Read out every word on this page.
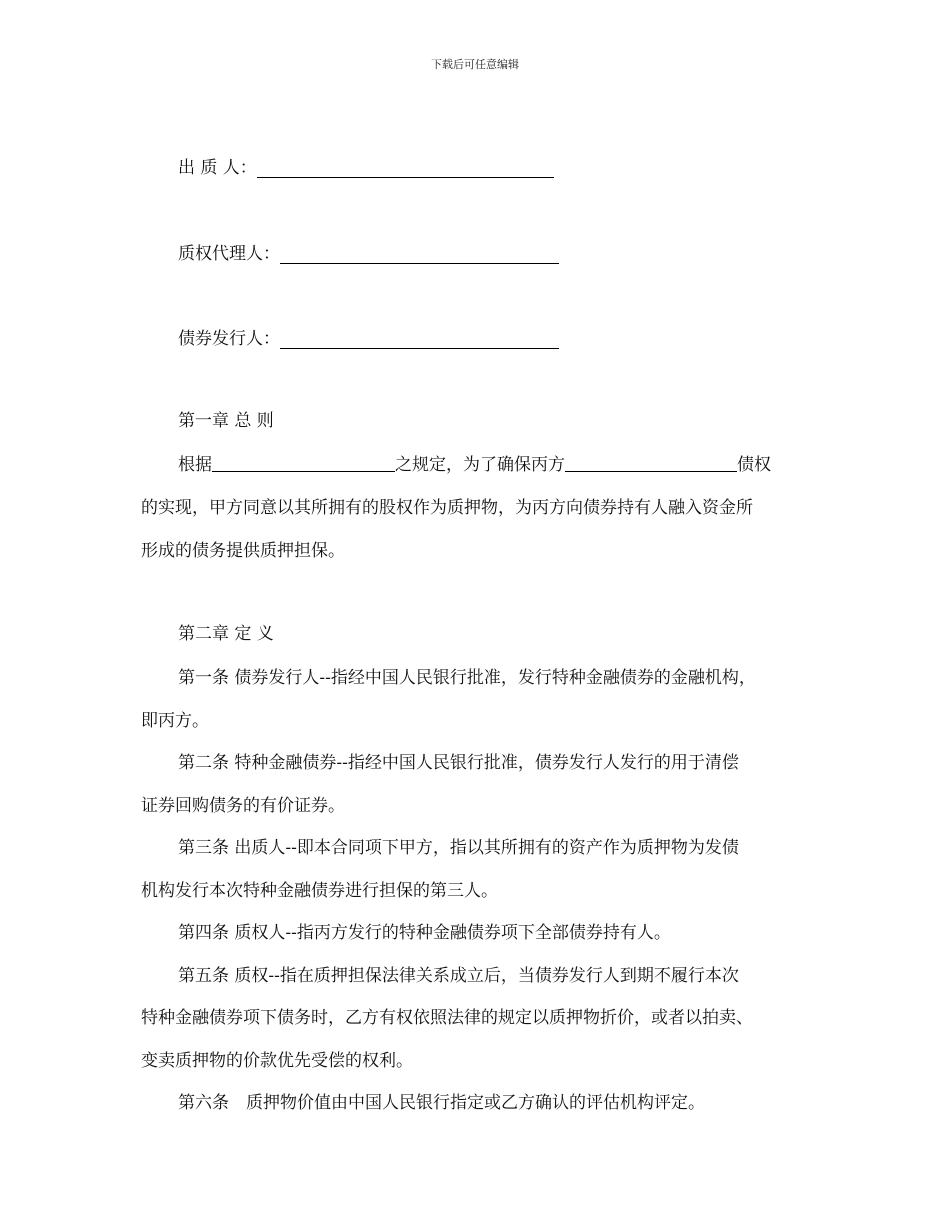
下载后可任意编辑
出 质 人：
质权代理人：
债券发行人：
第一章 总 则
根据	之规定，为了确保丙方	债权
的实现，甲方同意以其所拥有的股权作为质押物，为丙方向债券持有人融入资金所
形成的债务提供质押担保。
第二章 定 义
第一条 债券发行人--指经中国人民银行批准，发行特种金融债券的金融机构，
即丙方。
第二条 特种金融债券--指经中国人民银行批准，债券发行人发行的用于清偿
证券回购债务的有价证券。
第三条 出质人--即本合同项下甲方，指以其所拥有的资产作为质押物为发债
机构发行本次特种金融债券进行担保的第三人。
第四条 质权人--指丙方发行的特种金融债券项下全部债券持有人。
第五条 质权--指在质押担保法律关系成立后，当债券发行人到期不履行本次
特种金融债券项下债务时，乙方有权依照法律的规定以质押物折价，或者以拍卖、
变卖质押物的价款优先受偿的权利。
第六条　质押物价值由中国人民银行指定或乙方确认的评估机构评定。
